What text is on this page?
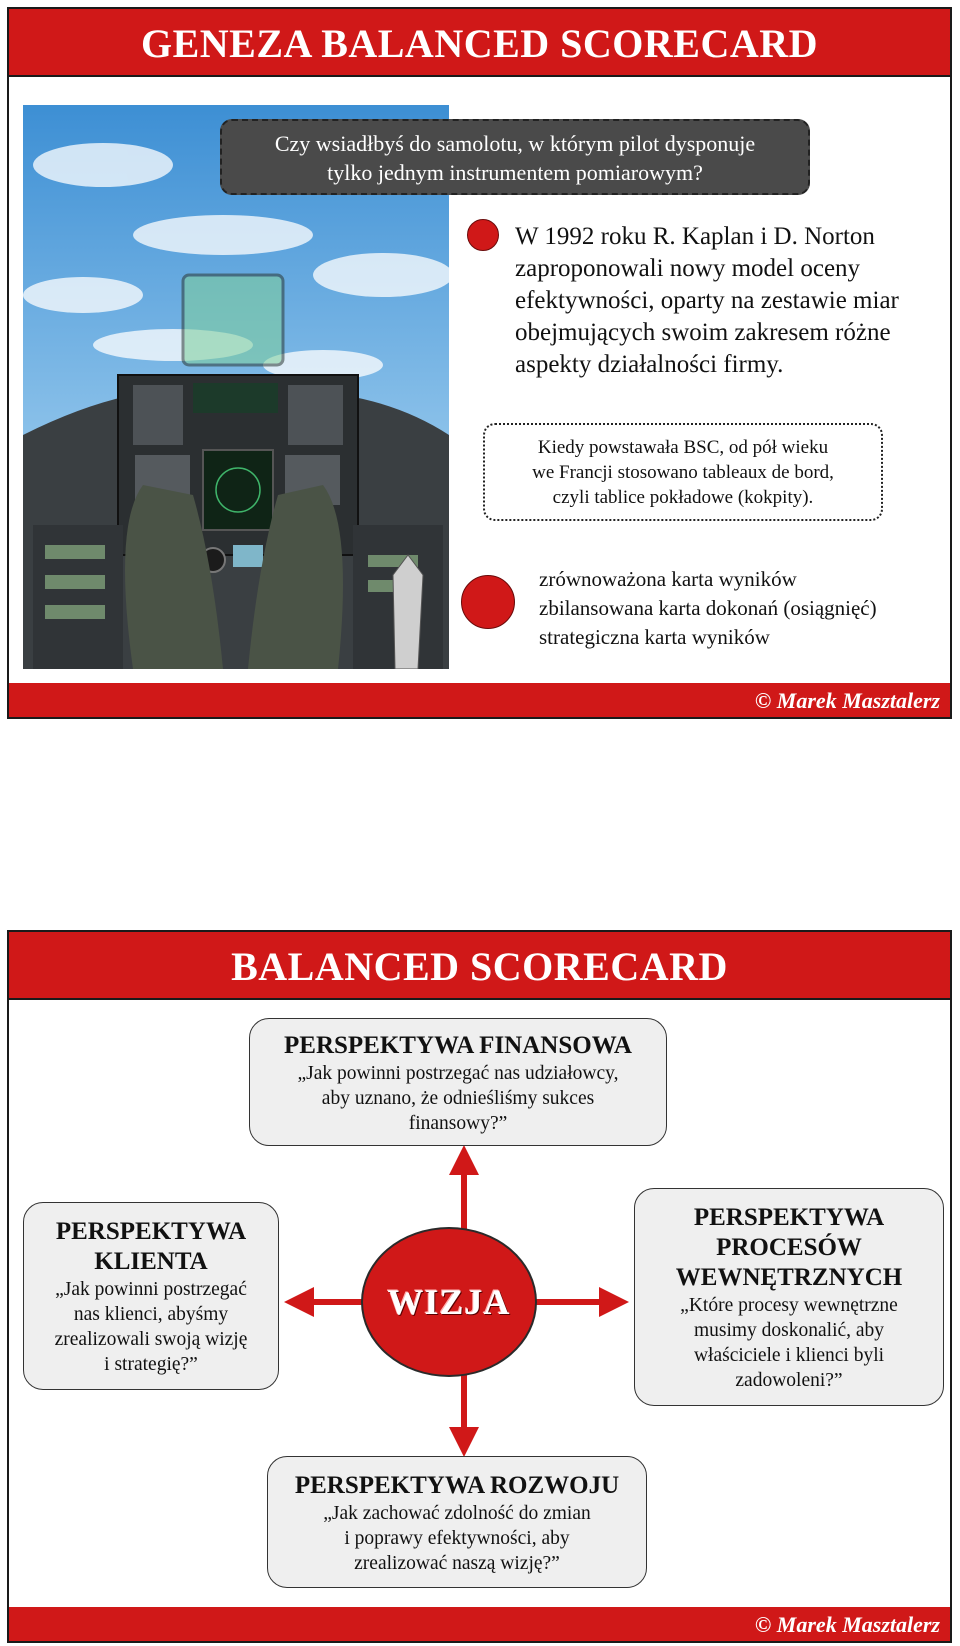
GENEZA BALANCED SCORECARD
Czy wsiadłbyś do samolotu, w którym pilot dysponuje
tylko jednym instrumentem pomiarowym?
W 1992 roku R. Kaplan i D. Norton
zaproponowali nowy model oceny
efektywności, oparty na zestawie miar
obejmujących swoim zakresem różne
aspekty działalności firmy.
Kiedy powstawała BSC, od pół wieku
we Francji stosowano tableaux de bord,
czyli tablice pokładowe (kokpity).
zrównoważona karta wyników
zbilansowana karta dokonań (osiągnięć)
strategiczna karta wyników
© Marek Masztalerz
BALANCED SCORECARD
PERSPEKTYWA FINANSOWA
„Jak powinni postrzegać nas udziałowcy,
aby uznano, że odnieśliśmy sukces
finansowy?”
PERSPEKTYWA
KLIENTA
„Jak powinni postrzegać
nas klienci, abyśmy
zrealizowali swoją wizję
i strategię?”
PERSPEKTYWA
PROCESÓW
WEWNĘTRZNYCH
„Które procesy wewnętrzne
musimy doskonalić, aby
właściciele i klienci byli
zadowoleni?”
PERSPEKTYWA ROZWOJU
„Jak zachować zdolność do zmian
i poprawy efektywności, aby
zrealizować naszą wizję?”
WIZJA
© Marek Masztalerz
